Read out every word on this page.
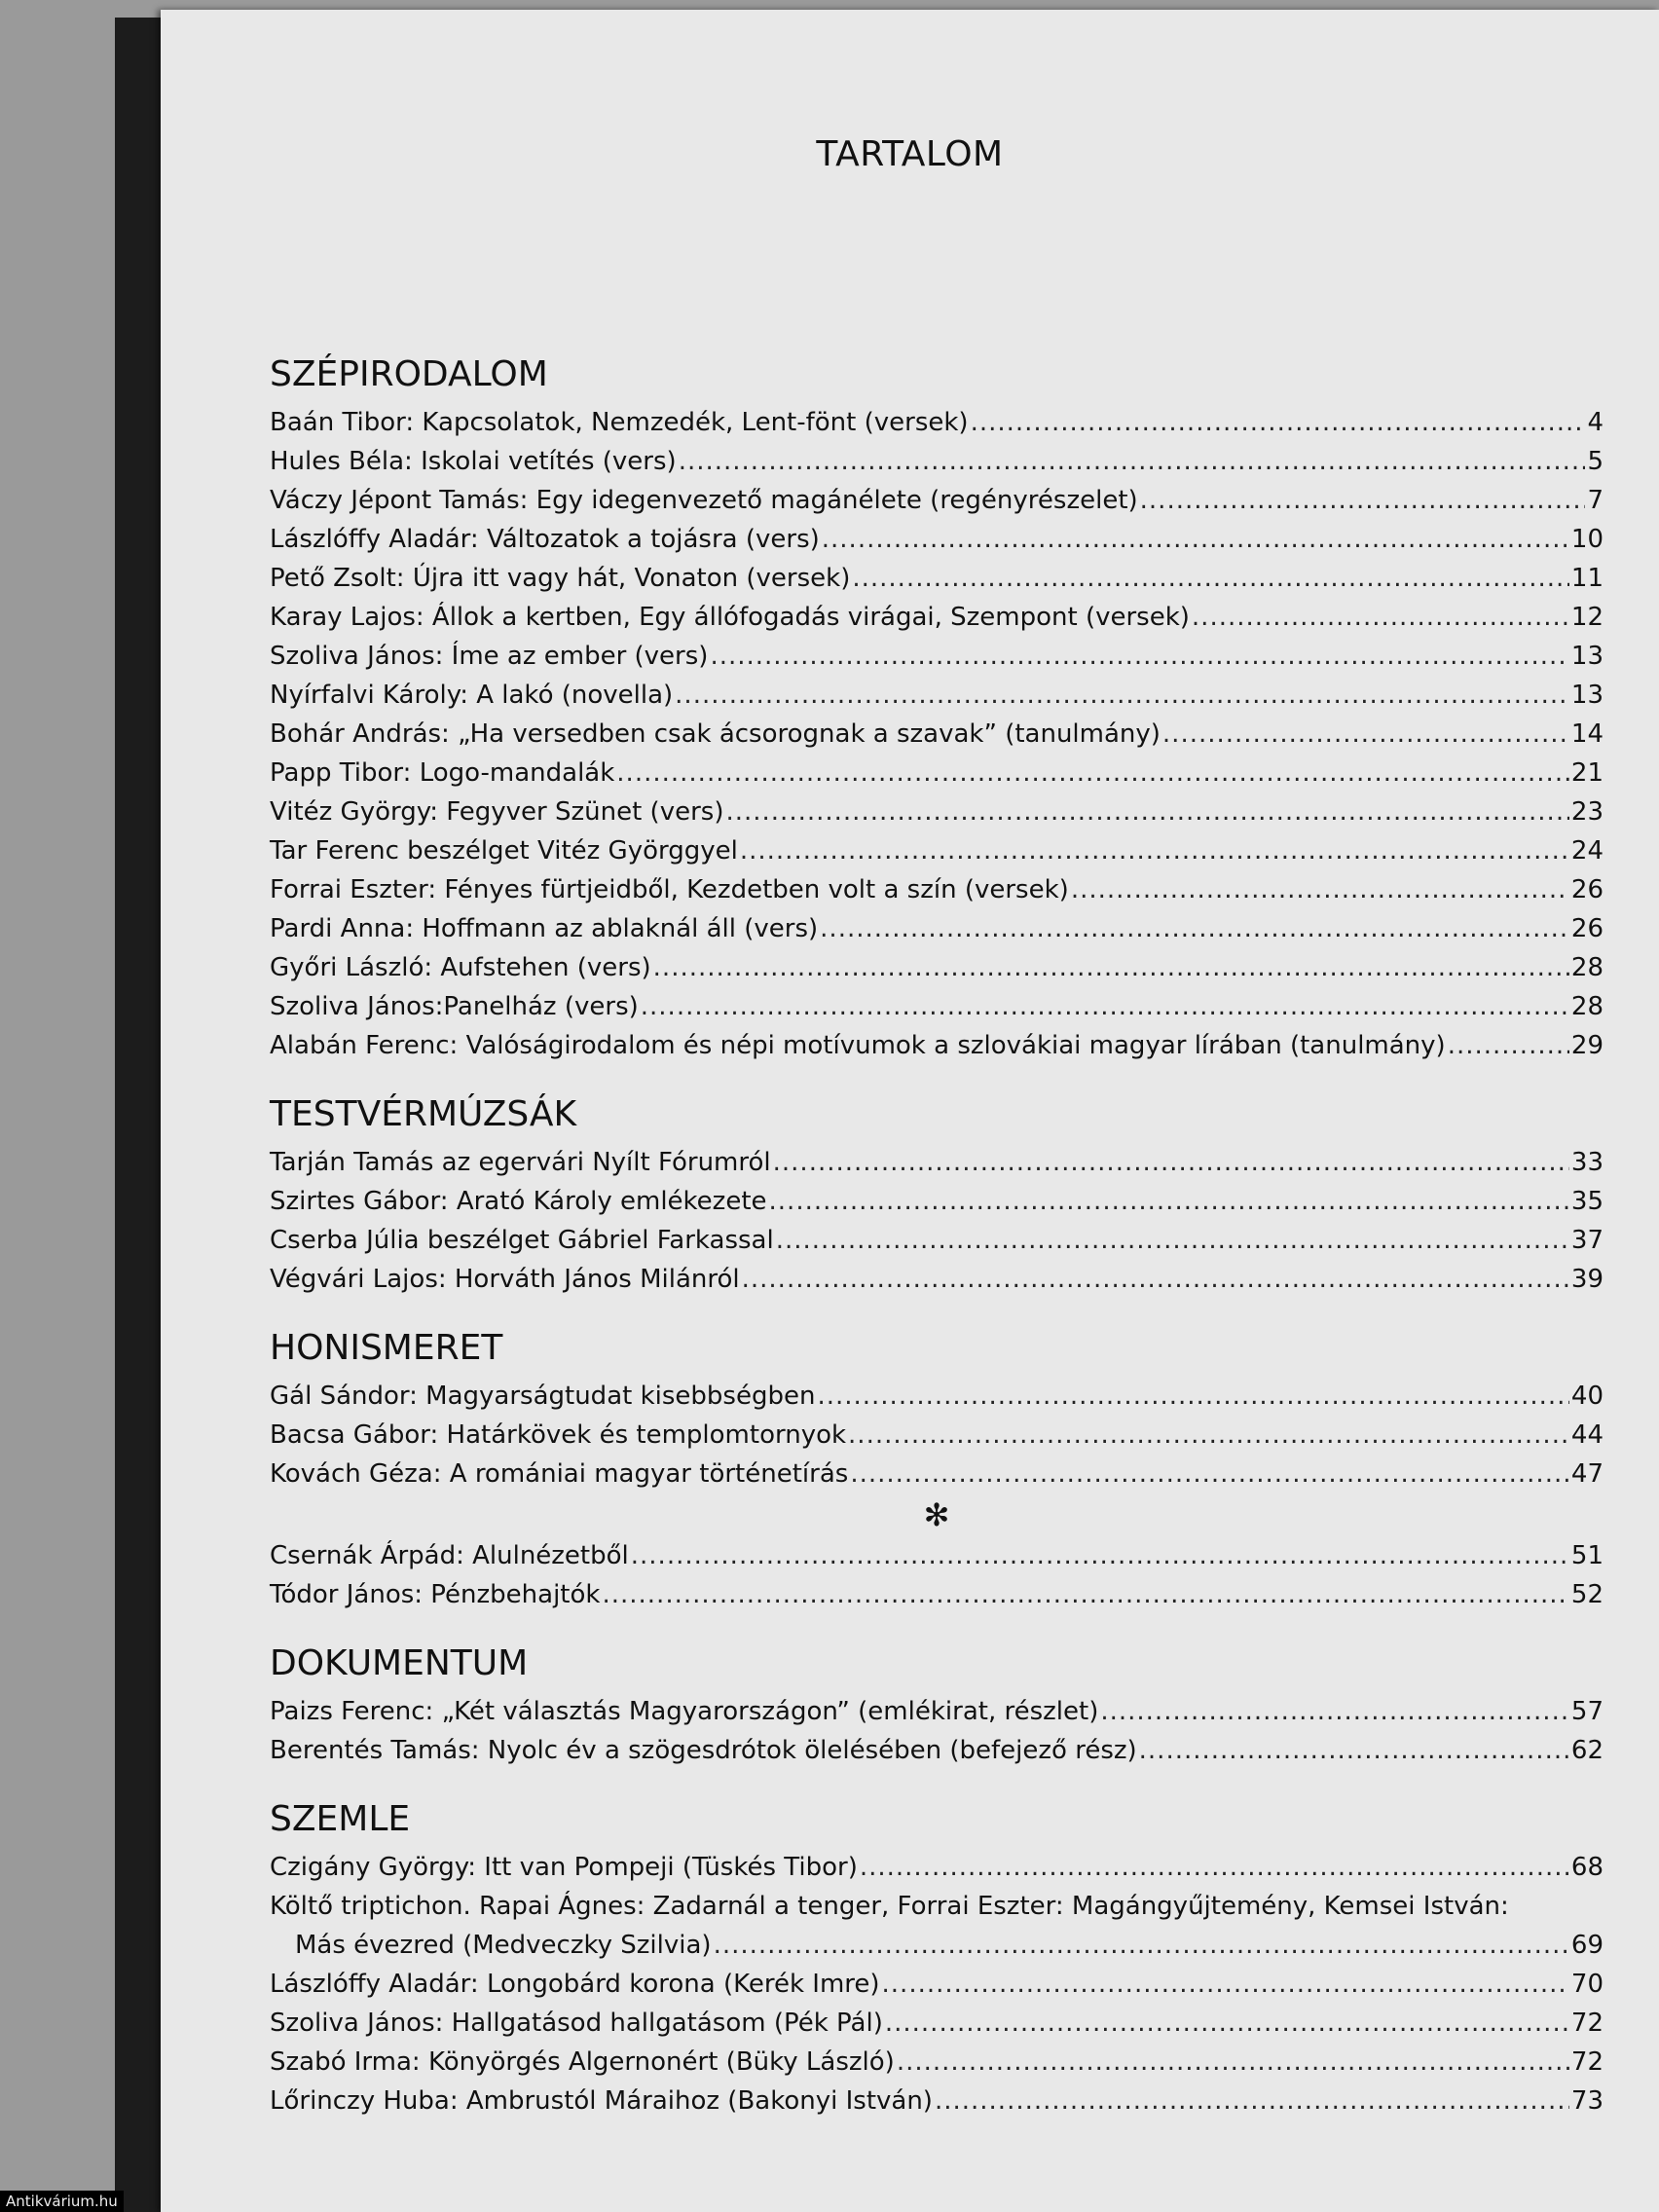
TARTALOM
SZÉPIRODALOM
Baán Tibor: Kapcsolatok, Nemzedék, Lent-fönt (versek) .....	4
Hules Béla: Iskolai vetítés (vers) .....	5
Váczy Jépont Tamás: Egy idegenvezető magánélete (regényrészelet) .....	7
Lászlóffy Aladár: Változatok a tojásra (vers) .....	10
Pető Zsolt: Újra itt vagy hát, Vonaton (versek) .....	11
Karay Lajos: Állok a kertben, Egy állófogadás virágai, Szempont (versek) .....	12
Szoliva János: Íme az ember (vers) .....	13
Nyírfalvi Károly: A lakó (novella) .....	13
Bohár András: „Ha versedben csak ácsorognak a szavak” (tanulmány) .....	14
Papp Tibor: Logo-mandalák .....	21
Vitéz György: Fegyver Szünet (vers) .....	23
Tar Ferenc beszélget Vitéz Györggyel .....	24
Forrai Eszter: Fényes fürtjeidből, Kezdetben volt a szín (versek) .....	26
Pardi Anna: Hoffmann az ablaknál áll (vers) .....	26
Győri László: Aufstehen (vers) .....	28
Szoliva János:Panelház (vers) .....	28
Alabán Ferenc: Valóságirodalom és népi motívumok a szlovákiai magyar lírában (tanulmány) .....	29
TESTVÉRMÚZSÁK
Tarján Tamás az egervári Nyílt Fórumról .....	33
Szirtes Gábor: Arató Károly emlékezete .....	35
Cserba Júlia beszélget Gábriel Farkassal .....	37
Végvári Lajos: Horváth János Milánról .....	39
HONISMERET
Gál Sándor: Magyarságtudat kisebbségben .....	40
Bacsa Gábor: Határkövek és templomtornyok .....	44
Kovách Géza: A romániai magyar történetírás .....	47
✻
Csernák Árpád: Alulnézetből .....	51
Tódor János: Pénzbehajtók .....	52
DOKUMENTUM
Paizs Ferenc: „Két választás Magyarországon” (emlékirat, részlet) .....	57
Berentés Tamás: Nyolc év a szögesdrótok ölelésében (befejező rész) .....	62
SZEMLE
Czigány György: Itt van Pompeji (Tüskés Tibor) .....	68
Költő triptichon. Rapai Ágnes: Zadarnál a tenger, Forrai Eszter: Magángyűjtemény, Kemsei István:
Más évezred (Medveczky Szilvia) .....	69
Lászlóffy Aladár: Longobárd korona (Kerék Imre) .....	70
Szoliva János: Hallgatásod hallgatásom (Pék Pál) .....	72
Szabó Irma: Könyörgés Algernonért (Büky László) .....	72
Lőrinczy Huba: Ambrustól Máraihoz (Bakonyi István) .....	73
Antikvárium.hu
